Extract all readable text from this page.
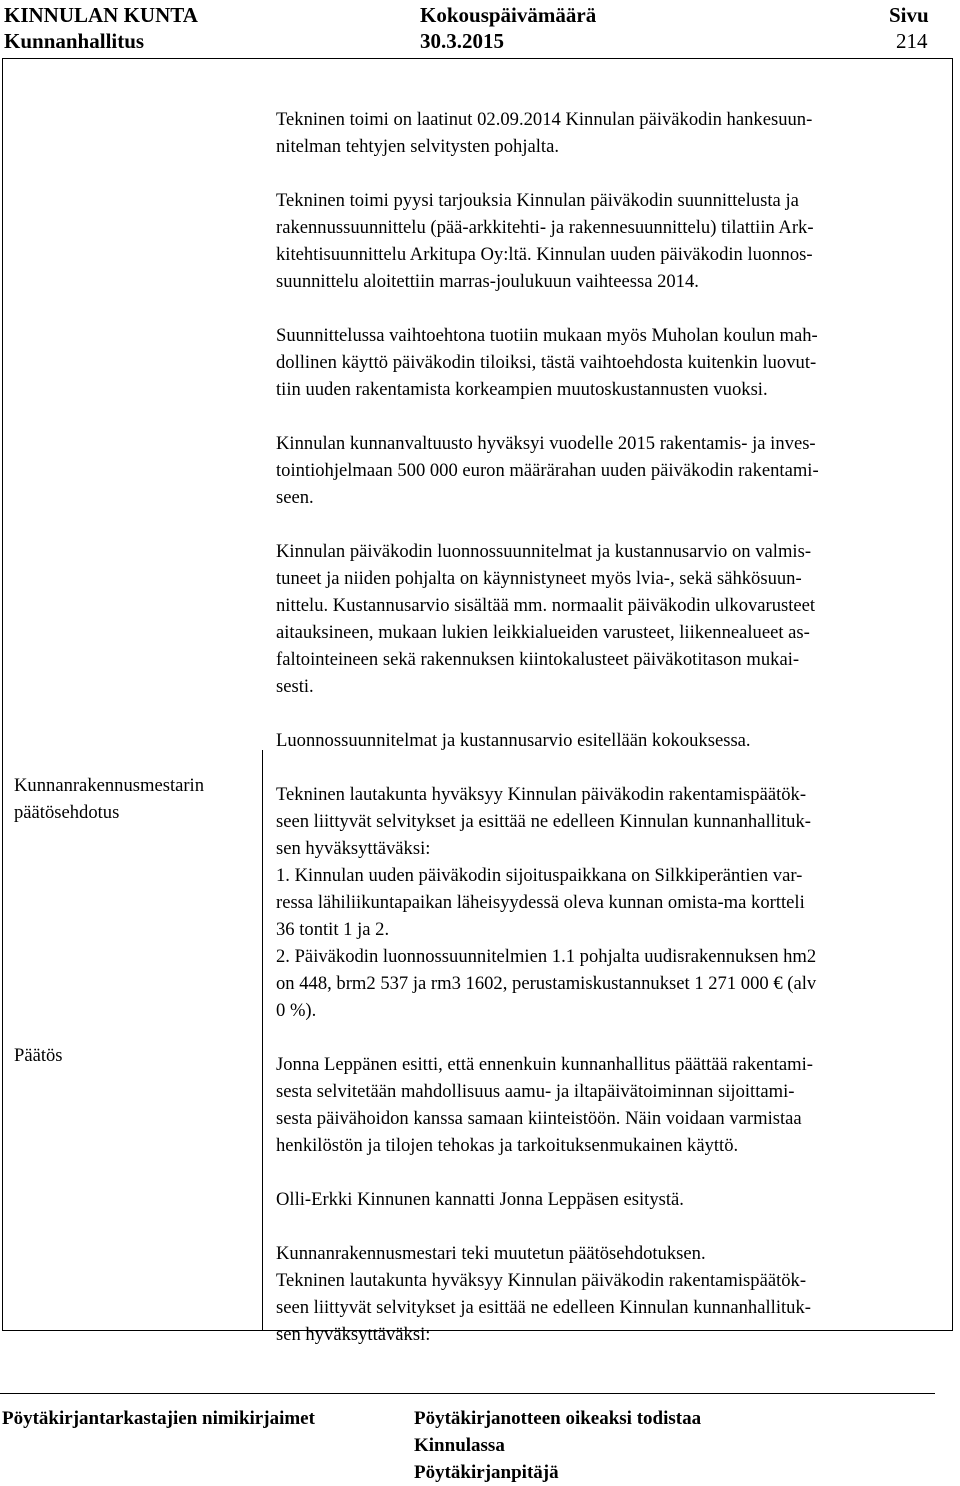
KINNULAN KUNTA
Kunnanhallitus
Kokouspäivämäärä
30.3.2015
Sivu
214
Tekninen toimi on laatinut 02.09.2014 Kinnulan päiväkodin hankesuun-
nitelman tehtyjen selvitysten pohjalta.
Tekninen toimi pyysi tarjouksia Kinnulan päiväkodin suunnittelusta ja
rakennussuunnittelu (pää-arkkitehti- ja rakennesuunnittelu) tilattiin Ark-
kitehtisuunnittelu Arkitupa Oy:ltä. Kinnulan uuden päiväkodin luonnos-
suunnittelu aloitettiin marras-joulukuun vaihteessa 2014.
Suunnittelussa vaihtoehtona tuotiin mukaan myös Muholan koulun mah-
dollinen käyttö päiväkodin tiloiksi, tästä vaihtoehdosta kuitenkin luovut-
tiin uuden rakentamista korkeampien muutoskustannusten vuoksi.
Kinnulan kunnanvaltuusto hyväksyi vuodelle 2015 rakentamis- ja inves-
tointiohjelmaan 500 000 euron määrärahan uuden päiväkodin rakentami-
seen.
Kinnulan päiväkodin luonnossuunnitelmat ja kustannusarvio on valmis-
tuneet ja niiden pohjalta on käynnistyneet myös lvia-, sekä sähkösuun-
nittelu. Kustannusarvio sisältää mm. normaalit päiväkodin ulkovarusteet
aitauksineen, mukaan lukien leikkialueiden varusteet, liikennealueet as-
faltointeineen sekä rakennuksen kiintokalusteet päiväkotitason mukai-
sesti.
Luonnossuunnitelmat ja kustannusarvio esitellään kokouksessa.
Tekninen lautakunta hyväksyy Kinnulan päiväkodin rakentamispäätök-
seen liittyvät selvitykset ja esittää ne edelleen Kinnulan kunnanhallituk-
sen hyväksyttäväksi:
1. Kinnulan uuden päiväkodin sijoituspaikkana on Silkkiperäntien var-
ressa lähiliikuntapaikan läheisyydessä oleva kunnan omista-ma kortteli
36 tontit 1 ja 2.
2. Päiväkodin luonnossuunnitelmien 1.1 pohjalta uudisrakennuksen hm2
on 448, brm2 537 ja rm3 1602, perustamiskustannukset 1 271 000 € (alv
0 %).
Jonna Leppänen esitti, että ennenkuin kunnanhallitus päättää rakentami-
sesta selvitetään mahdollisuus aamu- ja iltapäivätoiminnan sijoittami-
sesta päivähoidon kanssa samaan kiinteistöön. Näin voidaan varmistaa
henkilöstön ja tilojen tehokas ja tarkoituksenmukainen käyttö.
Olli-Erkki Kinnunen kannatti Jonna Leppäsen esitystä.
Kunnanrakennusmestari teki muutetun päätösehdotuksen.
Tekninen lautakunta hyväksyy Kinnulan päiväkodin rakentamispäätök-
seen liittyvät selvitykset ja esittää ne edelleen Kinnulan kunnanhallituk-
sen hyväksyttäväksi:
Kunnanrakennusmestarin
päätösehdotus
Päätös
Pöytäkirjantarkastajien nimikirjaimet	Pöytäkirjanotteen oikeaksi todistaa
Kinnulassa
Pöytäkirjanpitäjä
